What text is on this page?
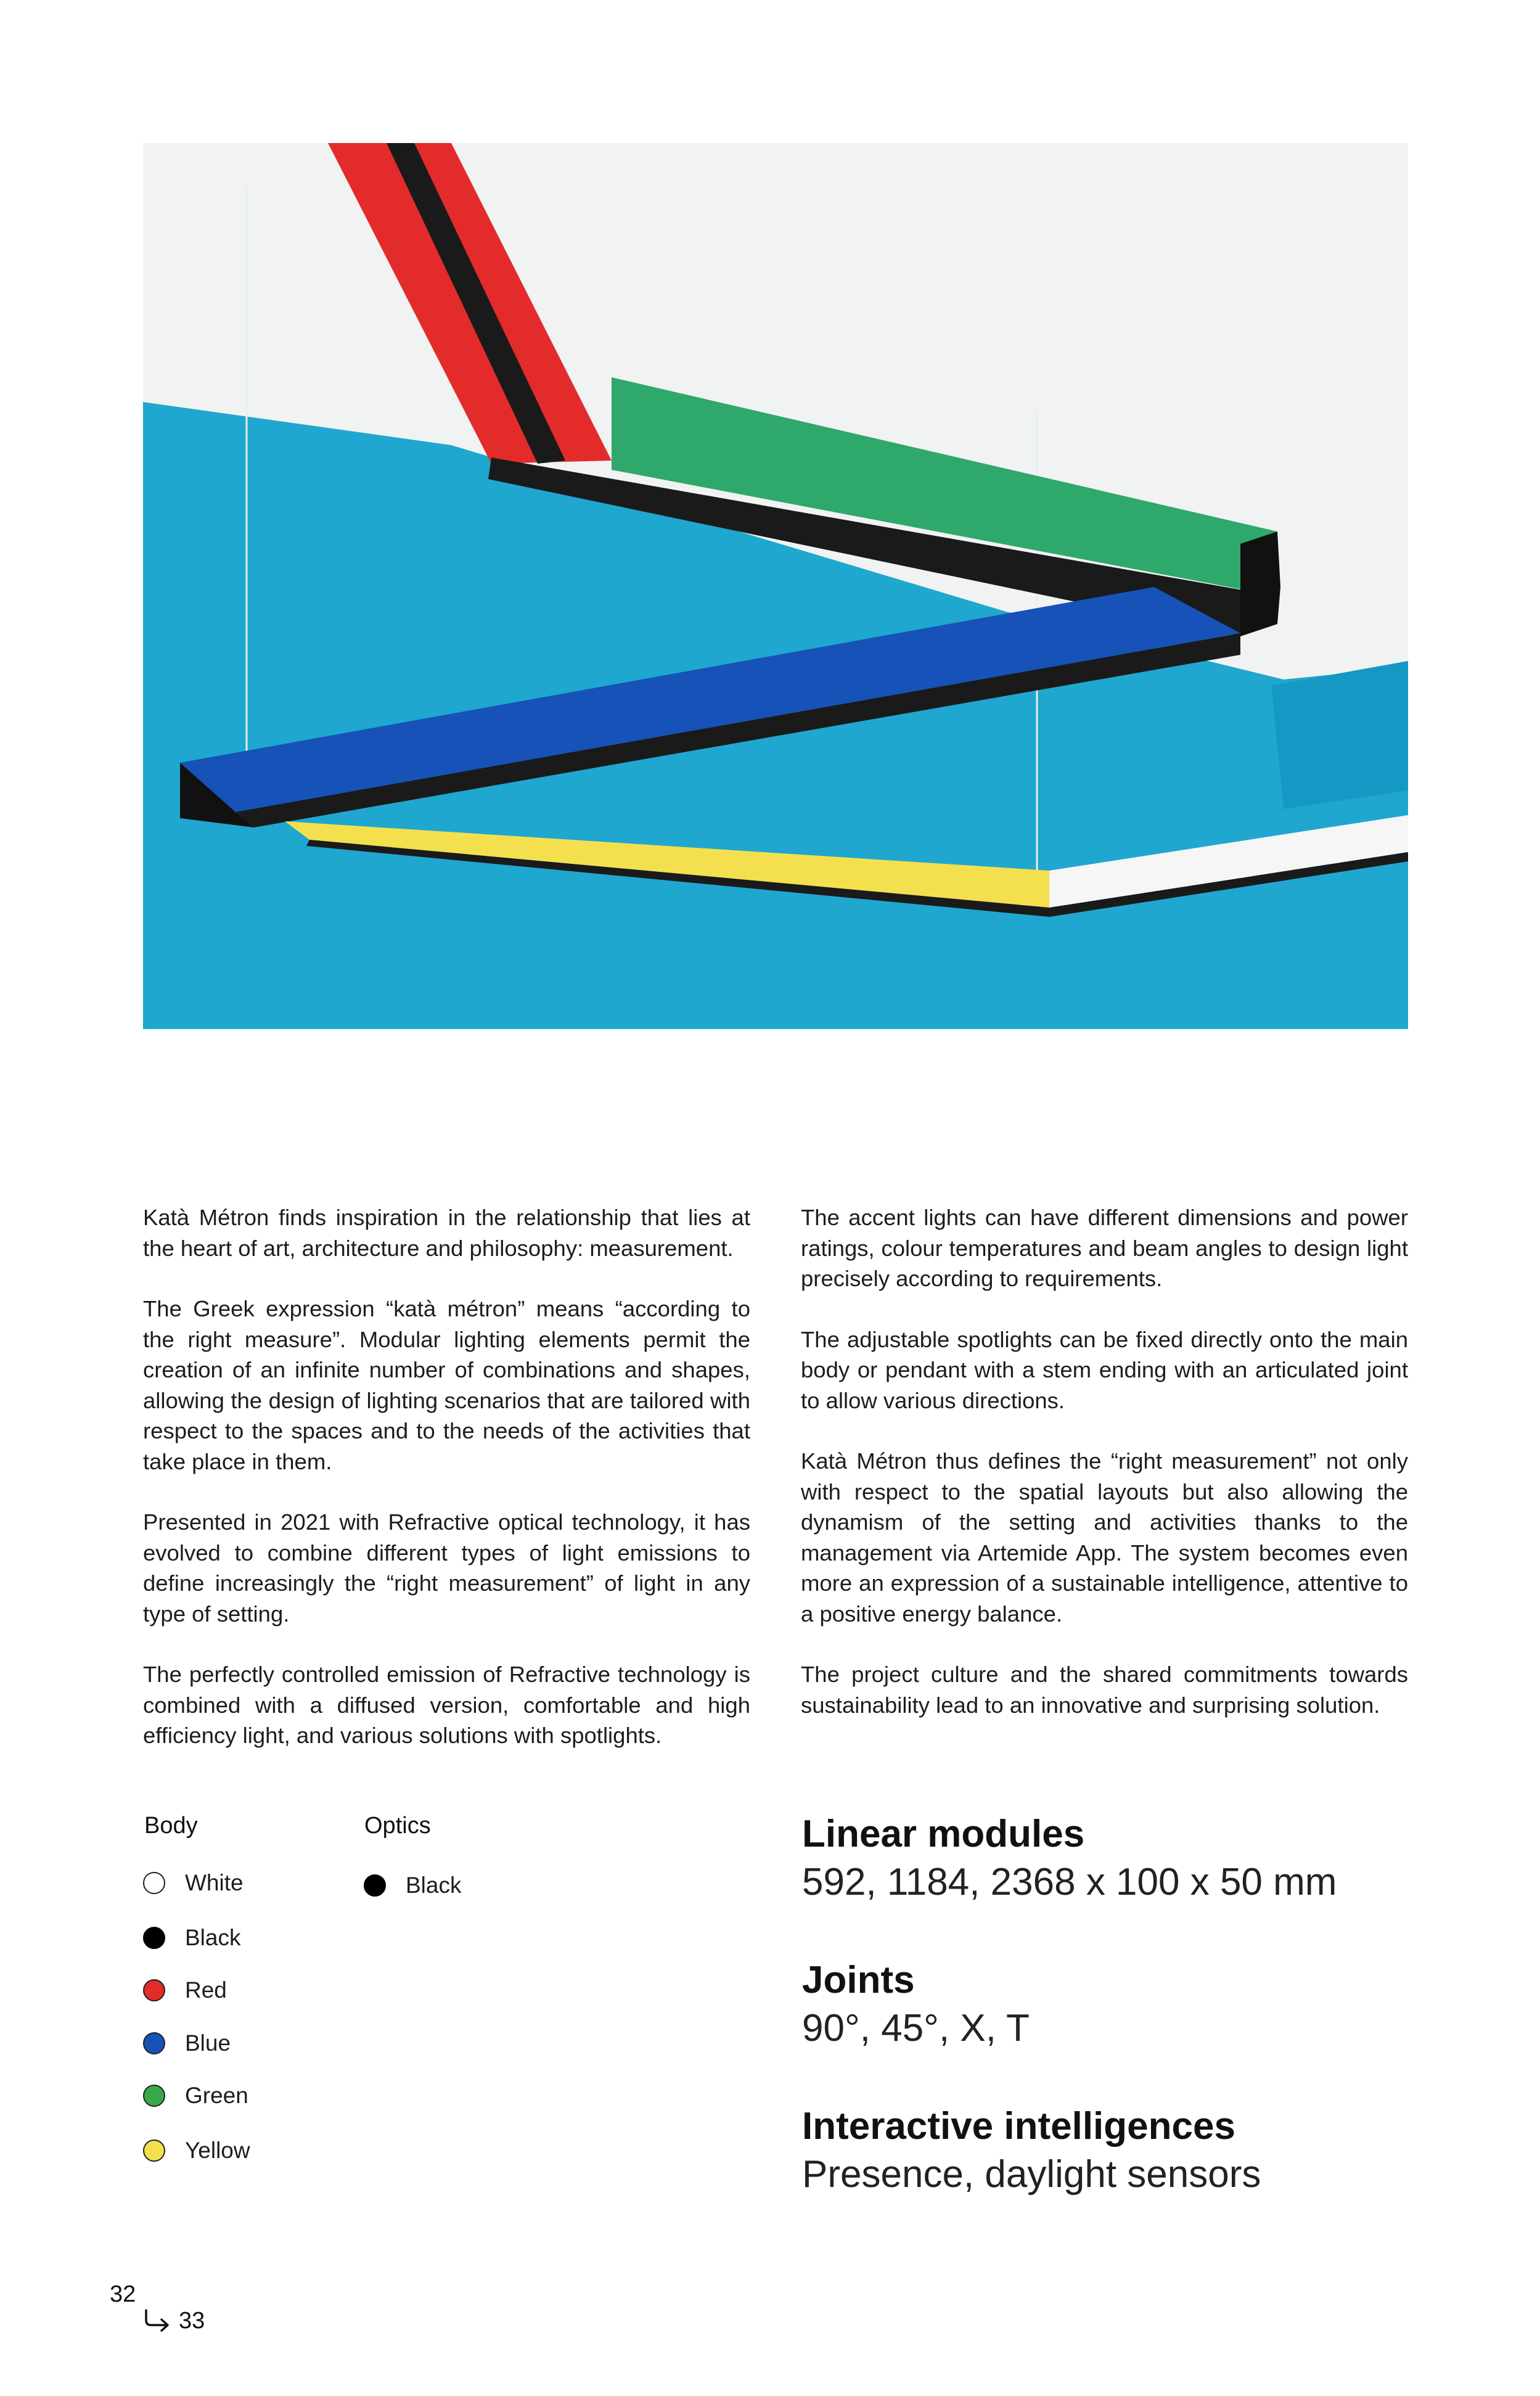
Katà Métron finds inspiration in the relationship that lies at the heart of art, architecture and philosophy: measurement.

The Greek expression “katà métron” means “according to the right measure”. Modular lighting elements permit the creation of an infinite number of combinations and shapes, allowing the design of lighting scenarios that are tailored with respect to the spaces and to the needs of the activities that take place in them.

Presented in 2021 with Refractive optical technology, it has evolved to combine different types of light emissions to define increasingly the “right measurement” of light in any type of setting.

The perfectly controlled emission of Refractive technology is combined with a diffused version, comfortable and high efficiency light, and various solutions with spotlights.

The accent lights can have different dimensions and power ratings, colour temperatures and beam angles to design light precisely according to requirements.

The adjustable spotlights can be fixed directly onto the main body or pendant with a stem ending with an articulated joint to allow various directions.

Katà Métron thus defines the “right measurement” not only with respect to the spatial layouts but also allowing the dynamism of the setting and activities thanks to the management via Artemide App. The system becomes even more an expression of a sustainable intelligence, attentive to a positive energy balance.

The project culture and the shared commitments towards sustainability lead to an innovative and surprising solution.

Body	Optics
White
Black
Red
Blue
Green
Yellow
Black
Linear modules
592, 1184, 2368 x 100 x 50 mm
Joints
90°, 45°, X, T
Interactive intelligences
Presence, daylight sensors
32
33
